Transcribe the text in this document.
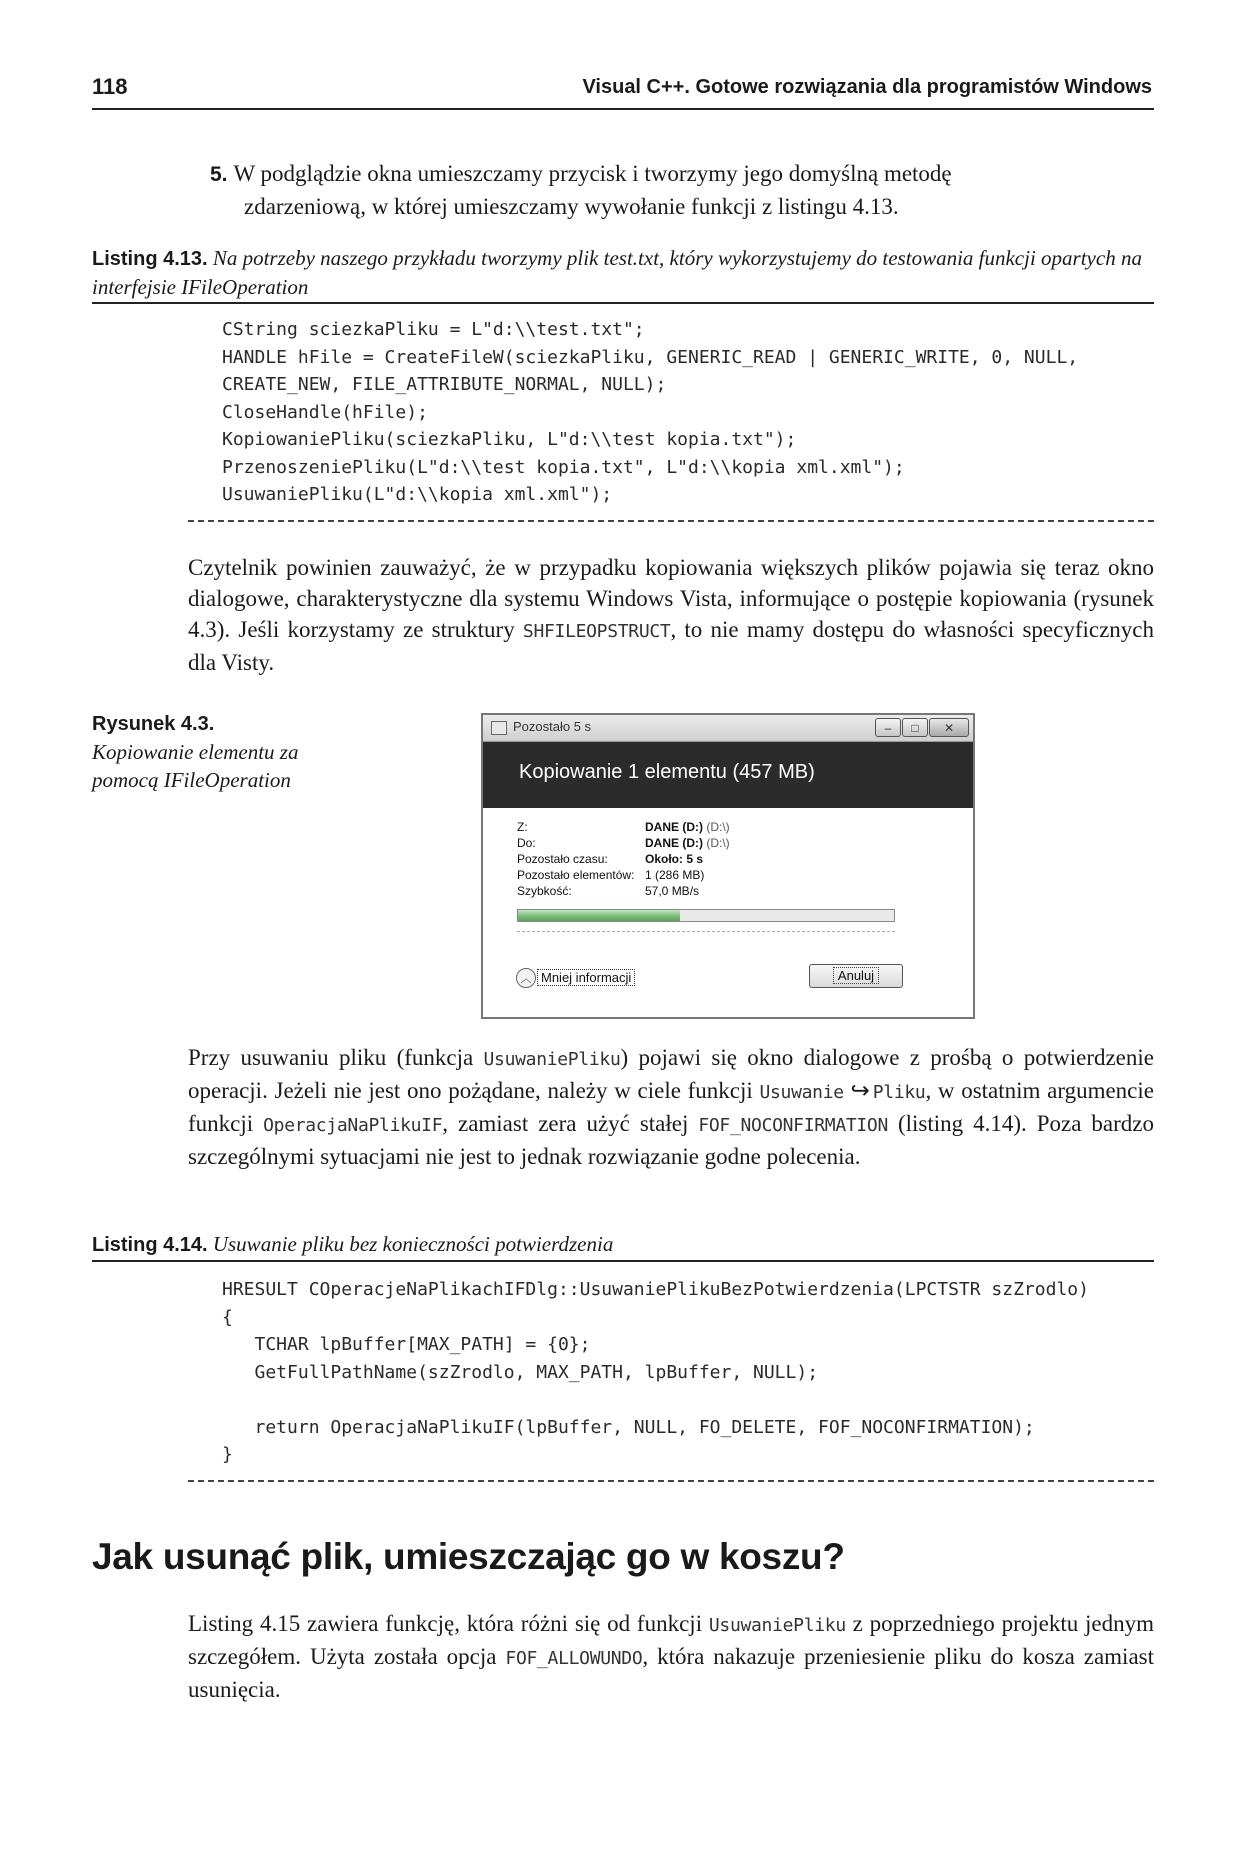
118	Visual C++. Gotowe rozwiązania dla programistów Windows
5. W podglądzie okna umieszczamy przycisk i tworzymy jego domyślną metodę
zdarzeniową, w której umieszczamy wywołanie funkcji z listingu 4.13.
Listing 4.13. Na potrzeby naszego przykładu tworzymy plik test.txt, który wykorzystujemy do testowania funkcji opartych na interfejsie IFileOperation
CString sciezkaPliku = L"d:\\test.txt";
HANDLE hFile = CreateFileW(sciezkaPliku, GENERIC_READ | GENERIC_WRITE, 0, NULL,
CREATE_NEW, FILE_ATTRIBUTE_NORMAL, NULL);
CloseHandle(hFile);
KopiowaniePliku(sciezkaPliku, L"d:\\test kopia.txt");
PrzenoszeniePliku(L"d:\\test kopia.txt", L"d:\\kopia xml.xml");
UsuwaniePliku(L"d:\\kopia xml.xml");
Czytelnik powinien zauważyć, że w przypadku kopiowania większych plików pojawia się teraz okno dialogowe, charakterystyczne dla systemu Windows Vista, informujące o postępie kopiowania (rysunek 4.3). Jeśli korzystamy ze struktury SHFILEOPSTRUCT, to nie mamy dostępu do własności specyficznych dla Visty.
Rysunek 4.3.
Kopiowanie elementu za pomocą IFileOperation
Pozostało 5 s	–	□	✕
Kopiowanie 1 elementu (457 MB)
Z:	DANE (D:) (D:\)
Do:	DANE (D:) (D:\)
Pozostało czasu:	Około: 5 s
Pozostało elementów: 1 (286 MB)
Szybkość:	57,0 MB/s
︿ Mniej informacji	Anuluj
Przy usuwaniu pliku (funkcja UsuwaniePliku) pojawi się okno dialogowe z prośbą o potwierdzenie operacji. Jeżeli nie jest ono pożądane, należy w ciele funkcji Usuwanie ↪ Pliku, w ostatnim argumencie funkcji OperacjaNaPlikuIF, zamiast zera użyć stałej FOF_NOCONFIRMATION (listing 4.14). Poza bardzo szczególnymi sytuacjami nie jest to jednak rozwiązanie godne polecenia.
Listing 4.14. Usuwanie pliku bez konieczności potwierdzenia
HRESULT COperacjeNaPlikachIFDlg::UsuwaniePlikuBezPotwierdzenia(LPCTSTR szZrodlo)
{
TCHAR lpBuffer[MAX_PATH] = {0};
GetFullPathName(szZrodlo, MAX_PATH, lpBuffer, NULL);

return OperacjaNaPlikuIF(lpBuffer, NULL, FO_DELETE, FOF_NOCONFIRMATION);
}
Jak usunąć plik, umieszczając go w koszu?
Listing 4.15 zawiera funkcję, która różni się od funkcji UsuwaniePliku z poprzedniego projektu jednym szczegółem. Użyta została opcja FOF_ALLOWUNDO, która nakazuje przeniesienie pliku do kosza zamiast usunięcia.
